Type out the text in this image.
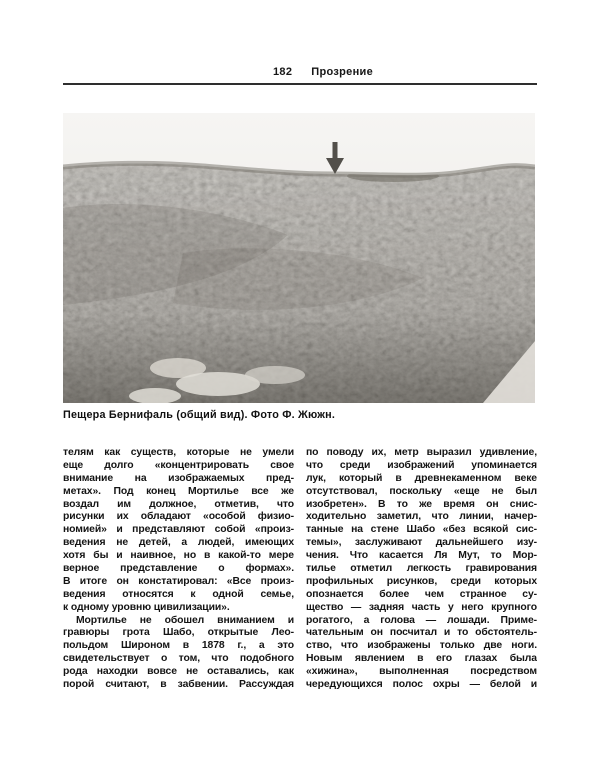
182 Прозрение
Пещера Бернифаль (общий вид). Фото Ф. Жюжн.
телям как существ, которые не умели
еще долго «концентрировать свое
внимание на изображаемых пред-
метах». Под конец Мортилье все же
воздал им должное, отметив, что
рисунки их обладают «особой физио-
номией» и представляют собой «произ-
ведения не детей, а людей, имеющих
хотя бы и наивное, но в какой-то мере
верное представление о формах».
В итоге он констатировал: «Все произ-
ведения относятся к одной семье,
к одному уровню цивилизации».
Мортилье не обошел вниманием и
гравюры грота Шабо, открытые Лео-
польдом Широном в 1878 г., а это
свидетельствует о том, что подобного
рода находки вовсе не оставались, как
порой считают, в забвении. Рассуждая
по поводу их, метр выразил удивление,
что среди изображений упоминается
лук, который в древнекаменном веке
отсутствовал, поскольку «еще не был
изобретен». В то же время он снис-
ходительно заметил, что линии, начер-
танные на стене Шабо «без всякой сис-
темы», заслуживают дальнейшего изу-
чения. Что касается Ля Мут, то Мор-
тилье отметил легкость гравирования
профильных рисунков, среди которых
опознается более чем странное су-
щество — задняя часть у него крупного
рогатого, а голова — лошади. Приме-
чательным он посчитал и то обстоятель-
ство, что изображены только две ноги.
Новым явлением в его глазах была
«хижина», выполненная посредством
чередующихся полос охры — белой и
